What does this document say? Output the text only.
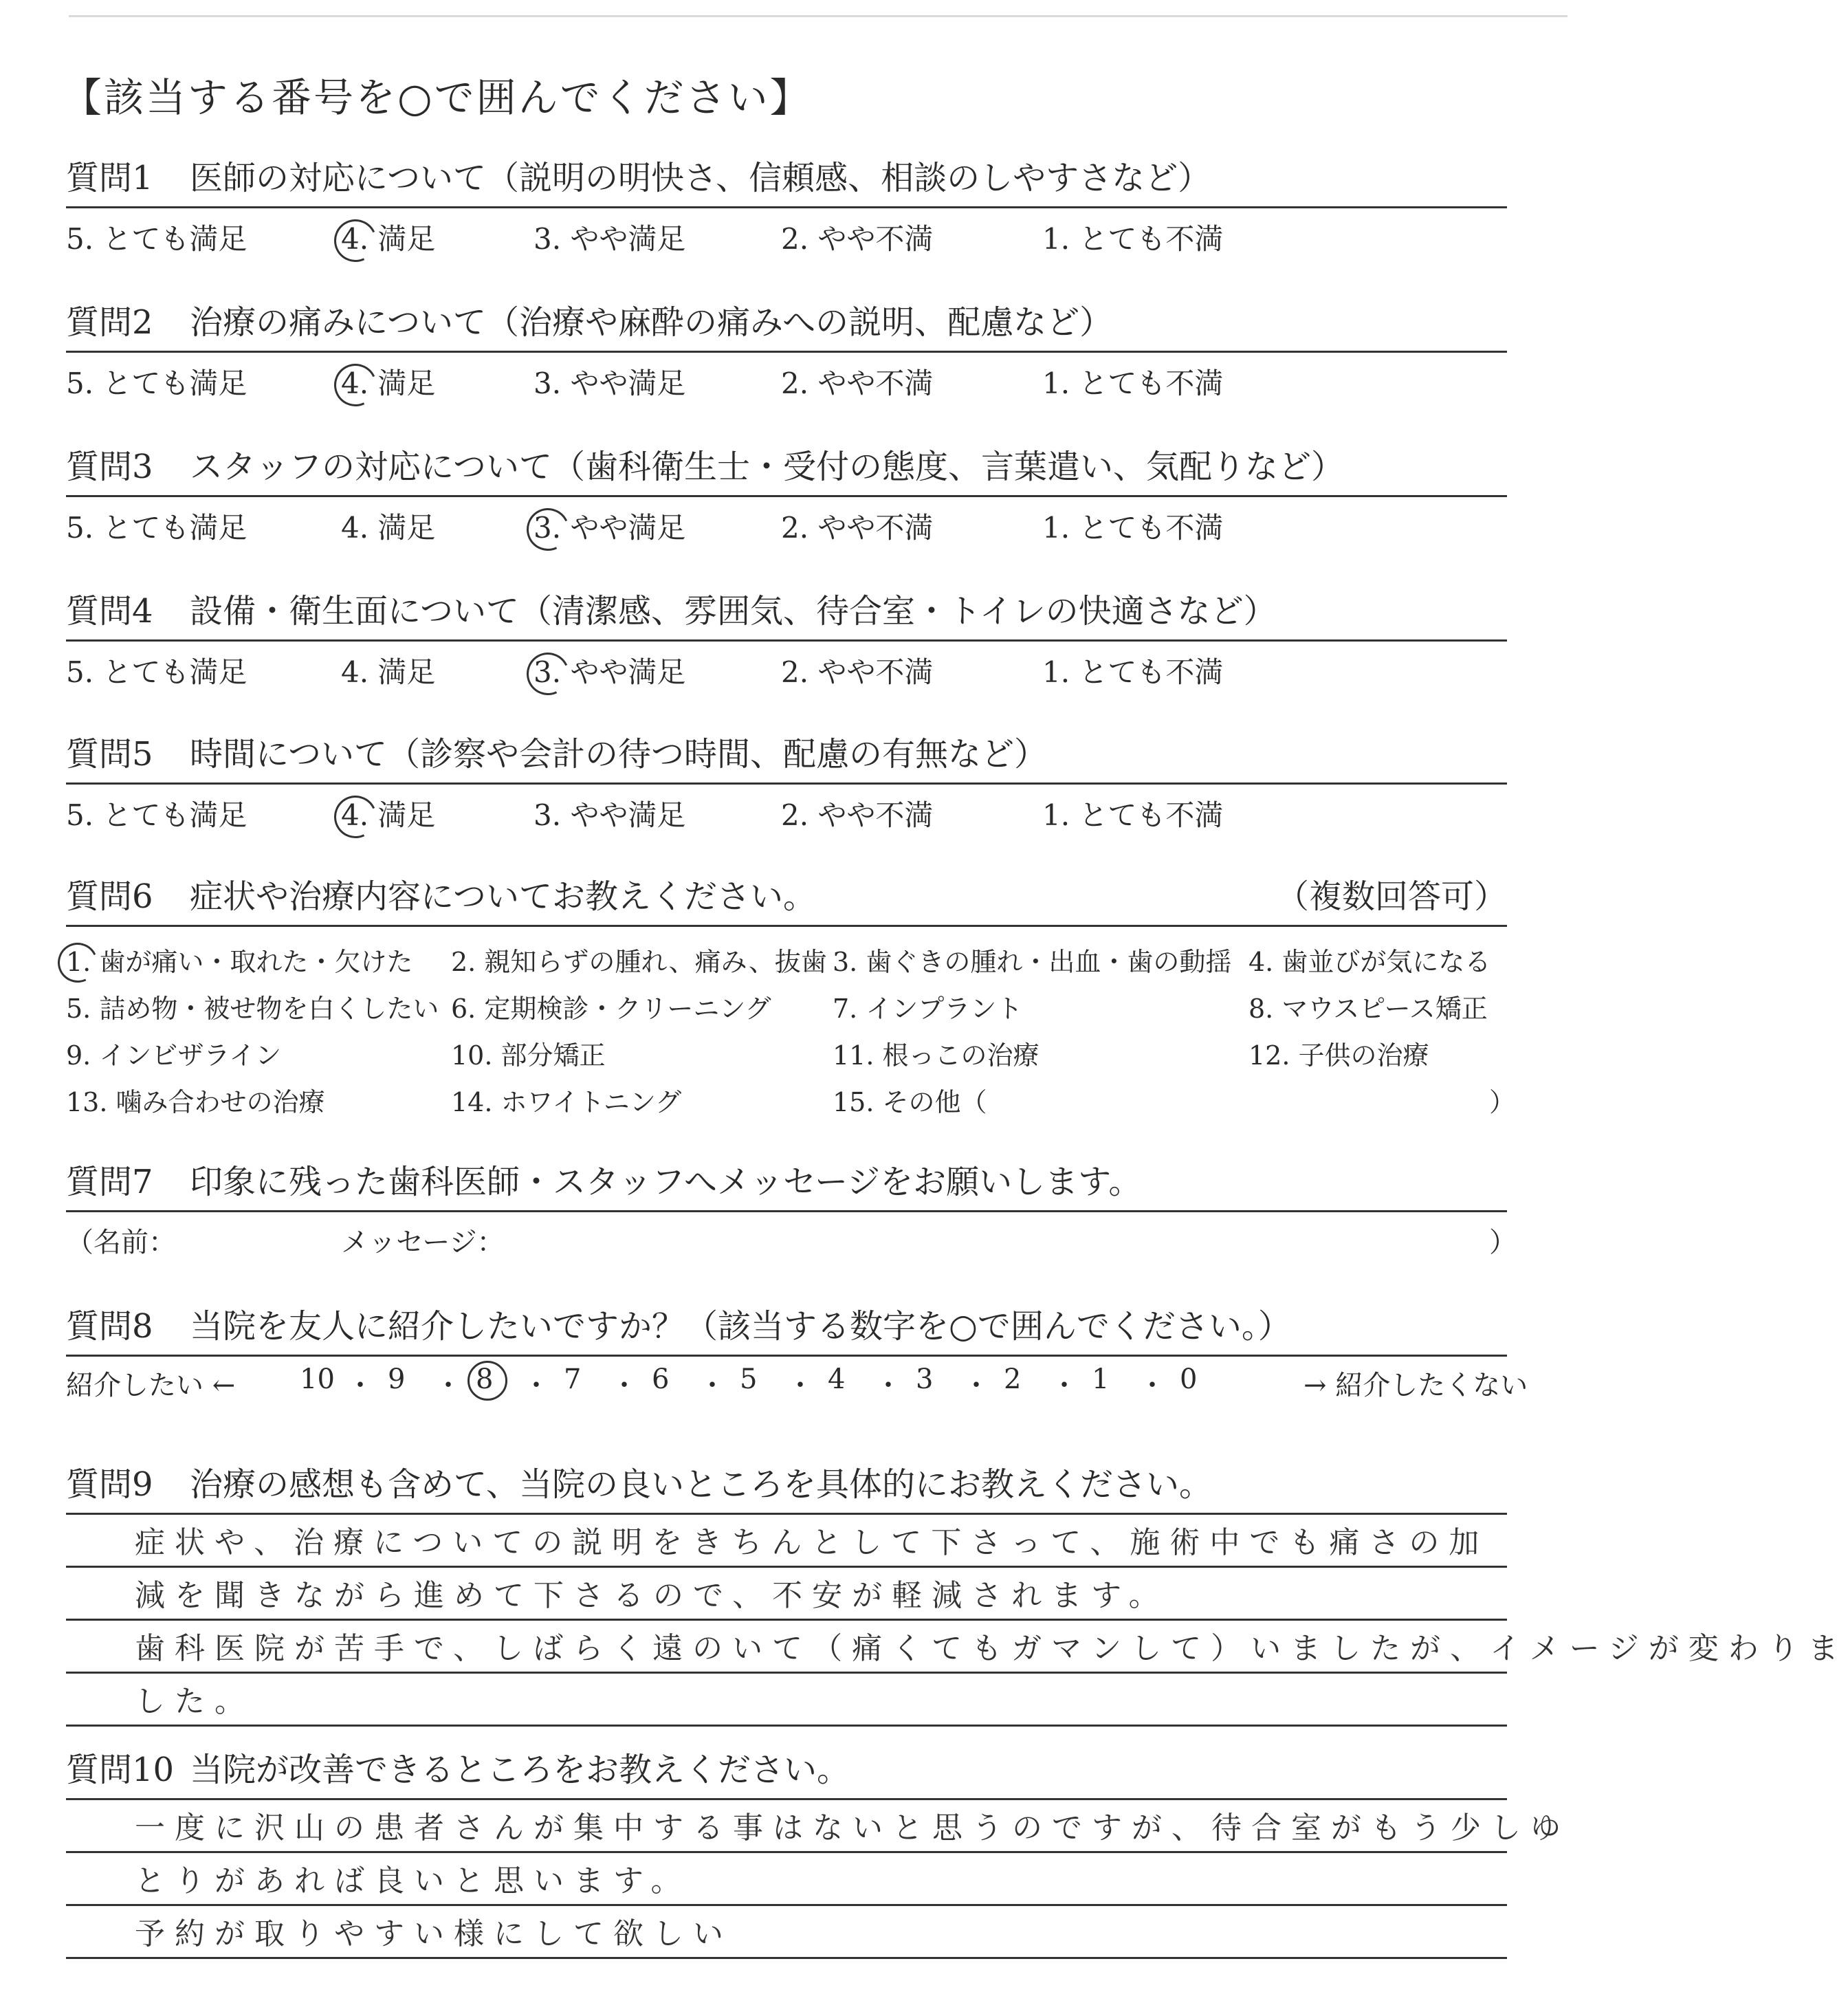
【該当する番号を○で囲んでください】
質問1	医師の対応について（説明の明快さ、信頼感、相談のしやすさなど）
5. とても満足	4. 満足	3. やや満足	2. やや不満	1. とても不満
質問2	治療の痛みについて（治療や麻酔の痛みへの説明、配慮など）
5. とても満足	4. 満足	3. やや満足	2. やや不満	1. とても不満
質問3	スタッフの対応について（歯科衛生士・受付の態度、言葉遣い、気配りなど）
5. とても満足	4. 満足	3. やや満足	2. やや不満	1. とても不満
質問4	設備・衛生面について（清潔感、雰囲気、待合室・トイレの快適さなど）
5. とても満足	4. 満足	3. やや満足	2. やや不満	1. とても不満
質問5	時間について（診察や会計の待つ時間、配慮の有無など）
5. とても満足	4. 満足	3. やや満足	2. やや不満	1. とても不満
質問6	症状や治療内容についてお教えください。	（複数回答可）
1. 歯が痛い・取れた・欠けた 2. 親知らずの腫れ、痛み、抜歯 3. 歯ぐきの腫れ・出血・歯の動揺 4. 歯並びが気になる
5. 詰め物・被せ物を白くしたい 6. 定期検診・クリーニング 7. インプラント	8. マウスピース矯正
9. インビザライン	10. 部分矯正	11. 根っこの治療	12. 子供の治療
13. 噛み合わせの治療	14. ホワイトニング	15. その他（	）
質問7	印象に残った歯科医師・スタッフへメッセージをお願いします。
（名前：	メッセージ：	）
質問8	当院を友人に紹介したいですか？（該当する数字を○で囲んでください。）
紹介したい ←	→ 紹介したくない
10 ・ 9 ・ 8 ・ 7 ・ 6 ・ 5 ・ 4 ・ 3 ・ 2 ・ 1 ・ 0
質問9	治療の感想も含めて、当院の良いところを具体的にお教えください。
症状や、治療についての説明をきちんとして下さって、施術中でも痛さの加
減を聞きながら進めて下さるので、不安が軽減されます。
歯科医院が苦手で、しばらく遠のいて（痛くてもガマンして）いましたが、イメージが変わりま
した。
質問10 当院が改善できるところをお教えください。
一度に沢山の患者さんが集中する事はないと思うのですが、待合室がもう少しゆ
とりがあれば良いと思います。
予約が取りやすい様にして欲しい
